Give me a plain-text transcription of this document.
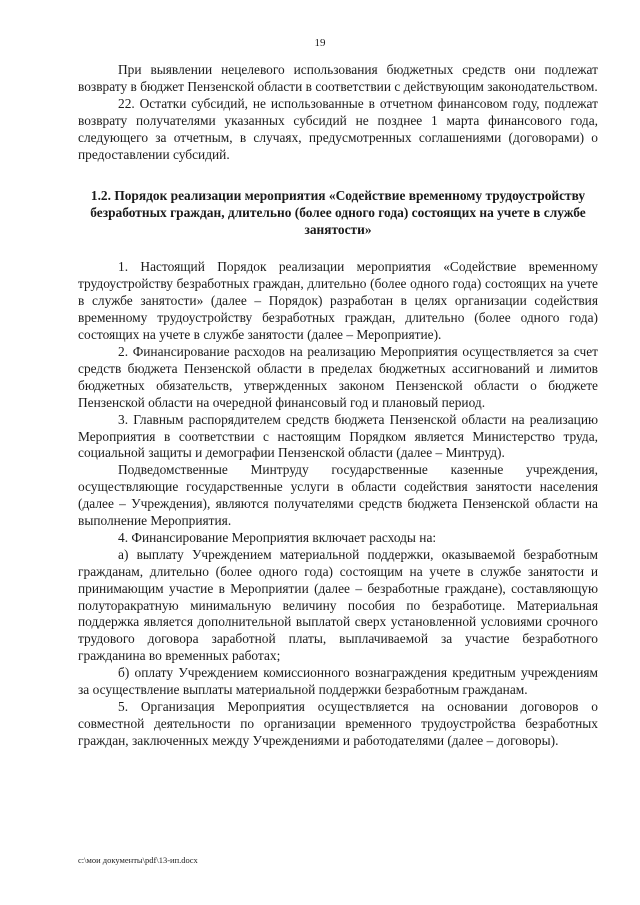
19

При выявлении нецелевого использования бюджетных средств они подлежат возврату в бюджет Пензенской области в соответствии с действующим законодательством.

22. Остатки субсидий, не использованные в отчетном финансовом году, подлежат возврату получателями указанных субсидий не позднее 1 марта финансового года, следующего за отчетным, в случаях, предусмотренных соглашениями (договорами) о предоставлении субсидий.

1.2. Порядок реализации мероприятия «Содействие временному трудоустройству безработных граждан, длительно (более одного года) состоящих на учете в службе занятости»

1. Настоящий Порядок реализации мероприятия «Содействие временному трудоустройству безработных граждан, длительно (более одного года) состоящих на учете в службе занятости» (далее – Порядок) разработан в целях организации содействия временному трудоустройству безработных граждан, длительно (более одного года) состоящих на учете в службе занятости (далее – Мероприятие).

2. Финансирование расходов на реализацию Мероприятия осуществляется за счет средств бюджета Пензенской области в пределах бюджетных ассигнований и лимитов бюджетных обязательств, утвержденных законом Пензенской области о бюджете Пензенской области на очередной финансовый год и плановый период.

3. Главным распорядителем средств бюджета Пензенской области на реализацию Мероприятия в соответствии с настоящим Порядком является Министерство труда, социальной защиты и демографии Пензенской области (далее – Минтруд).

Подведомственные Минтруду государственные казенные учреждения, осуществляющие государственные услуги в области содействия занятости населения (далее – Учреждения), являются получателями средств бюджета Пензенской области на выполнение Мероприятия.

4. Финансирование Мероприятия включает расходы на:

а) выплату Учреждением материальной поддержки, оказываемой безработным гражданам, длительно (более одного года) состоящим на учете в службе занятости и принимающим участие в Мероприятии (далее – безработные граждане), составляющую полуторакратную минимальную величину пособия по безработице. Материальная поддержка является дополнительной выплатой сверх установленной условиями срочного трудового договора заработной платы, выплачиваемой за участие безработного гражданина во временных работах;

б) оплату Учреждением комиссионного вознаграждения кредитным учреждениям за осуществление выплаты материальной поддержки безработным гражданам.

5. Организация Мероприятия осуществляется на основании договоров о совместной деятельности по организации временного трудоустройства безработных граждан, заключенных между Учреждениями и работодателями (далее – договоры).

c:\мои документы\pdf\13-ип.docx
